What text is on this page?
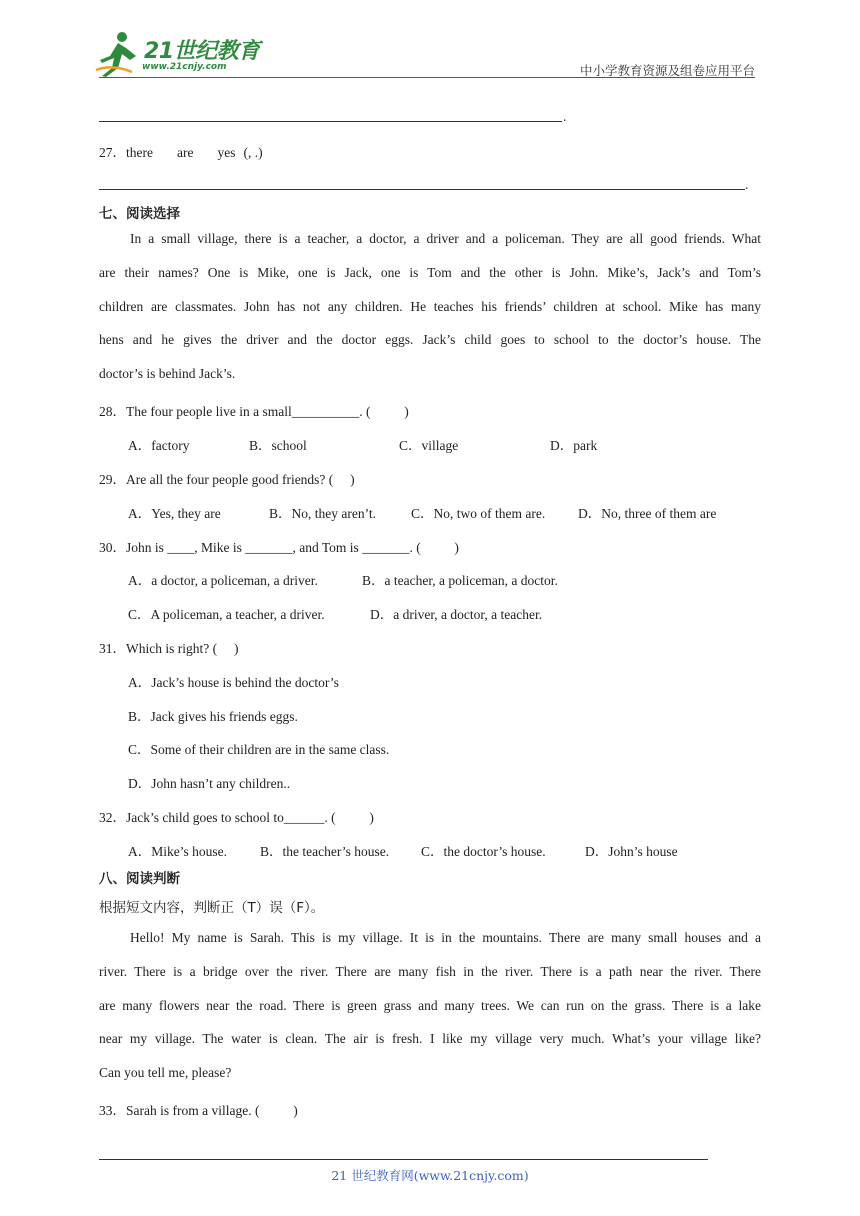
21世纪教育
www.21cnjy.com	中小学教育资源及组卷应用平台
.
27．there are yes (, .)
.
七、阅读选择
In a small village, there is a teacher, a doctor, a driver and a policeman. They are all good friends. What
are their names? One is Mike, one is Jack, one is Tom and the other is John. Mike’s, Jack’s and Tom’s
children are classmates. John has not any children. He teaches his friends’ children at school. Mike has many
hens and he gives the driver and the doctor eggs. Jack’s child goes to school to the doctor’s house. The
doctor’s is behind Jack’s.
28．The four people live in a small__________. (          )
A．factory	B．school	C．village	D．park
29．Are all the four people good friends? (     )
A．Yes, they are	B．No, they aren’t.	C．No, two of them are. D．No, three of them are
30．John is ____, Mike is _______, and Tom is _______. (          )
A．a doctor, a policeman, a driver.	B．a teacher, a policeman, a doctor.
C．A policeman, a teacher, a driver.	D．a driver, a doctor, a teacher.
31．Which is right? (     )
A．Jack’s house is behind the doctor’s
B．Jack gives his friends eggs.
C．Some of their children are in the same class.
D．John hasn’t any children..
32．Jack’s child goes to school to______. (          )
A．Mike’s house. B．the teacher’s house. C．the doctor’s house.	D．John’s house
八、阅读判断
根据短文内容，判断正（T）误（F）。
Hello! My name is Sarah. This is my village. It is in the mountains. There are many small houses and a
river. There is a bridge over the river. There are many fish in the river. There is a path near the river. There
are many flowers near the road. There is green grass and many trees. We can run on the grass. There is a lake
near my village. The water is clean. The air is fresh. I like my village very much. What’s your village like?
Can you tell me, please?
33．Sarah is from a village. (          )
21 世纪教育网(www.21cnjy.com)
